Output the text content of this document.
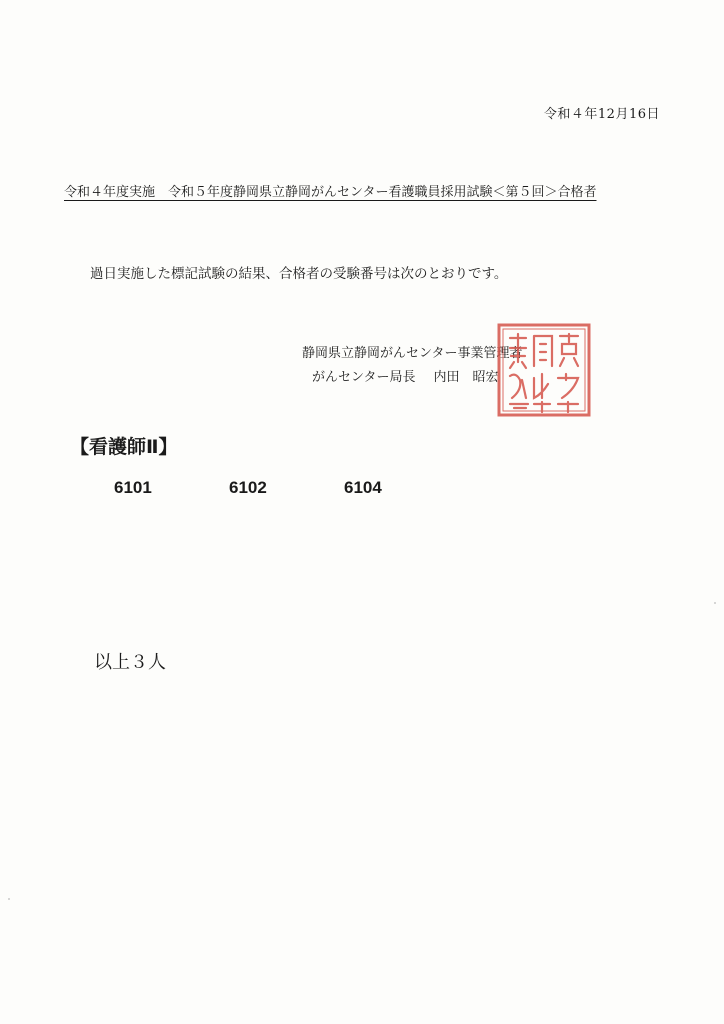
令和４年12月16日
令和４年度実施　令和５年度静岡県立静岡がんセンター看護職員採用試験＜第５回＞合格者
過日実施した標記試験の結果、合格者の受験番号は次のとおりです。
静岡県立静岡がんセンター事業管理者
がんセンター局長 内田　昭宏
【看護師Ⅱ】
6101	6102	6104
以上３人
